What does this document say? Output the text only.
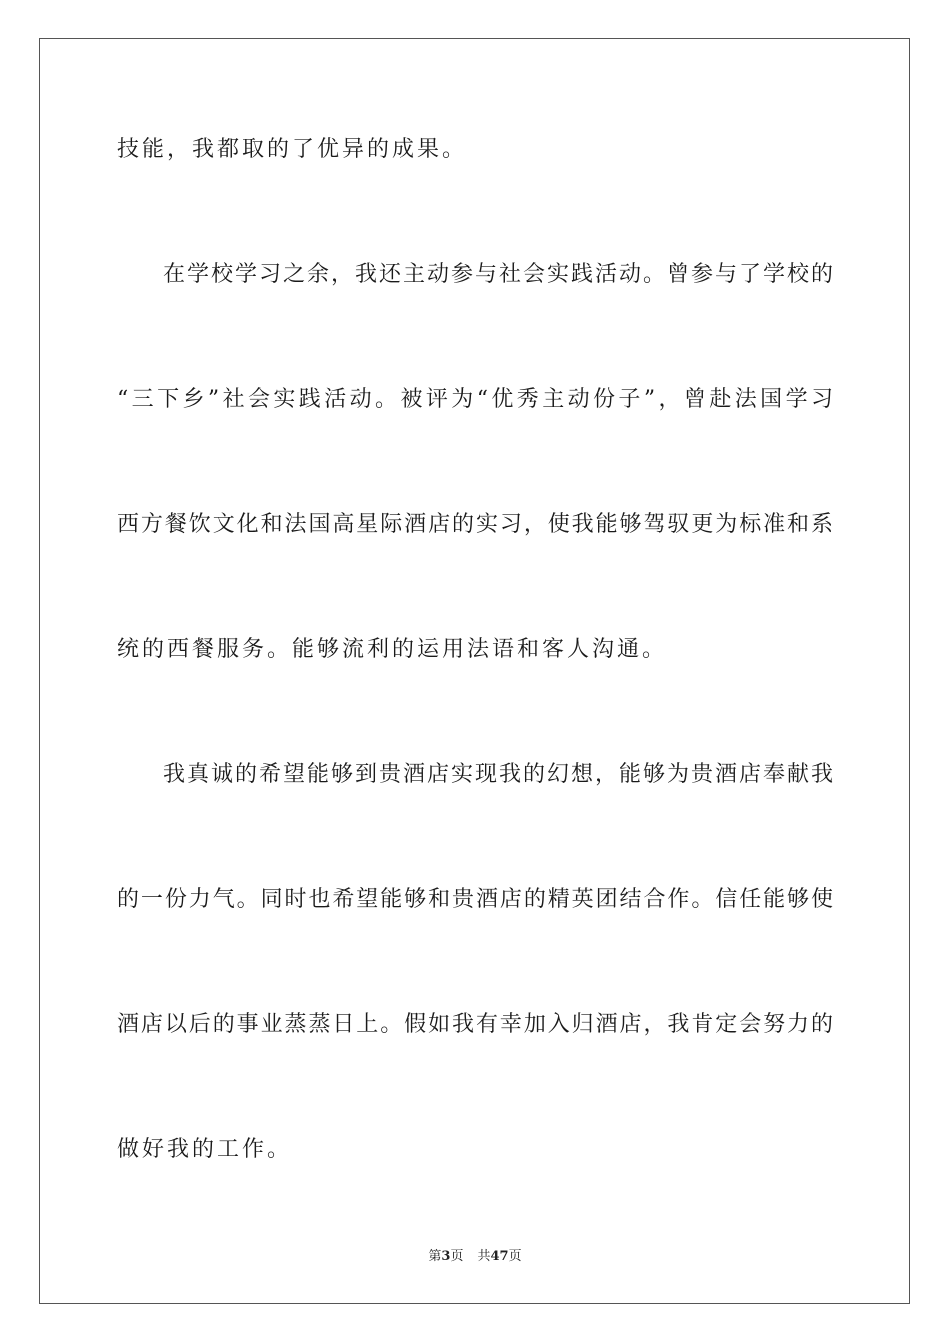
技能，我都取的了优异的成果。
在学校学习之余，我还主动参与社会实践活动。曾参与了学校的
“三下乡”社会实践活动。被评为“优秀主动份子”，曾赴法国学习
西方餐饮文化和法国高星际酒店的实习，使我能够驾驭更为标准和系
统的西餐服务。能够流利的运用法语和客人沟通。
我真诚的希望能够到贵酒店实现我的幻想，能够为贵酒店奉献我
的一份力气。同时也希望能够和贵酒店的精英团结合作。信任能够使
酒店以后的事业蒸蒸日上。假如我有幸加入归酒店，我肯定会努力的
做好我的工作。
第3页 共47页
